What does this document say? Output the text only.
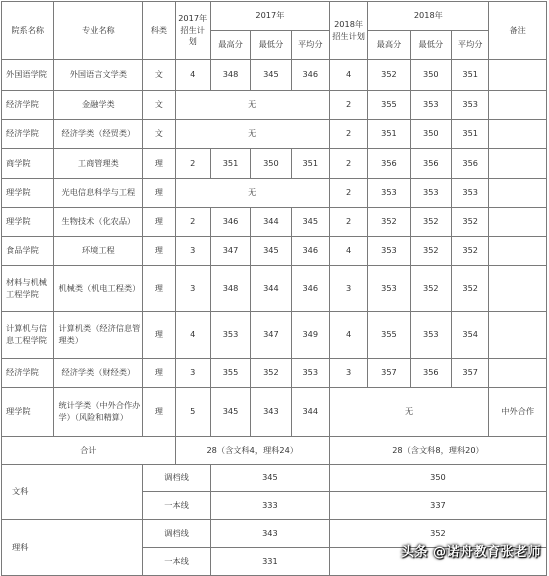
院系名称	专业名称	科类	2017年招生计划	2017年			2018年招生计划	2018年			备注
				最高分	最低分	平均分		最高分	最低分	平均分	
外国语学院	外国语言文学类	文	4	348	345	346	4	352	350	351	
经济学院	金融学类	文	无				2	355	353	353	
经济学院	经济学类（经贸类）	文	无				2	351	350	351	
商学院	工商管理类	理	2	351	350	351	2	356	356	356	
理学院	光电信息科学与工程	理	无				2	353	353	353	
理学院	生物技术（化农品）	理	2	346	344	345	2	352	352	352	
食品学院	环境工程	理	3	347	345	346	4	353	352	352	
材料与机械工程学院	机械类（机电工程类）	理	3	348	344	346	3	353	352	352	
计算机与信息工程学院	计算机类（经济信息管理类）	理	4	353	347	349	4	355	353	354	
经济学院	经济学类（财经类）	理	3	355	352	353	3	357	356	357	
理学院	统计学类（中外合作办学）（风险和精算）	理	5	345	343	344	无				中外合作
合计			28（含文科4，理科24）				28（含文科8，理科20）				
文科		调档线		345			350				
		一本线		333			337				
理科		调档线		343			352				
		一本线		331							
头条 @诺舟教育张老师
